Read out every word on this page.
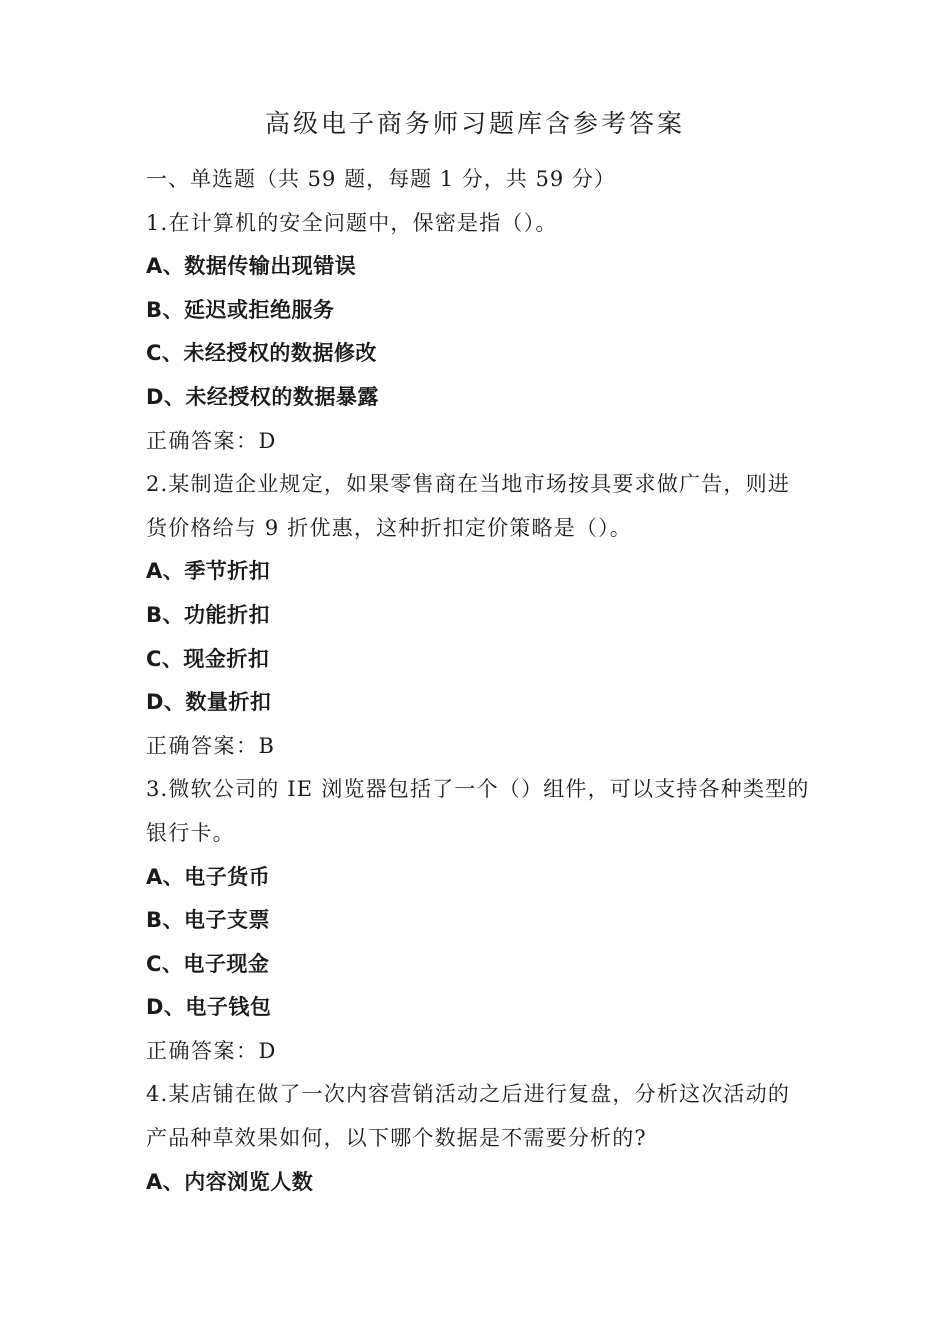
高级电子商务师习题库含参考答案
一、单选题（共 59 题，每题 1 分，共 59 分）
1.在计算机的安全问题中，保密是指（）。
A、数据传输出现错误
B、延迟或拒绝服务
C、未经授权的数据修改
D、未经授权的数据暴露
正确答案：D
2.某制造企业规定，如果零售商在当地市场按具要求做广告，则进
货价格给与 9 折优惠，这种折扣定价策略是（）。
A、季节折扣
B、功能折扣
C、现金折扣
D、数量折扣
正确答案：B
3.微软公司的 IE 浏览器包括了一个（）组件，可以支持各种类型的
银行卡。
A、电子货币
B、电子支票
C、电子现金
D、电子钱包
正确答案：D
4.某店铺在做了一次内容营销活动之后进行复盘，分析这次活动的
产品种草效果如何，以下哪个数据是不需要分析的?
A、内容浏览人数
